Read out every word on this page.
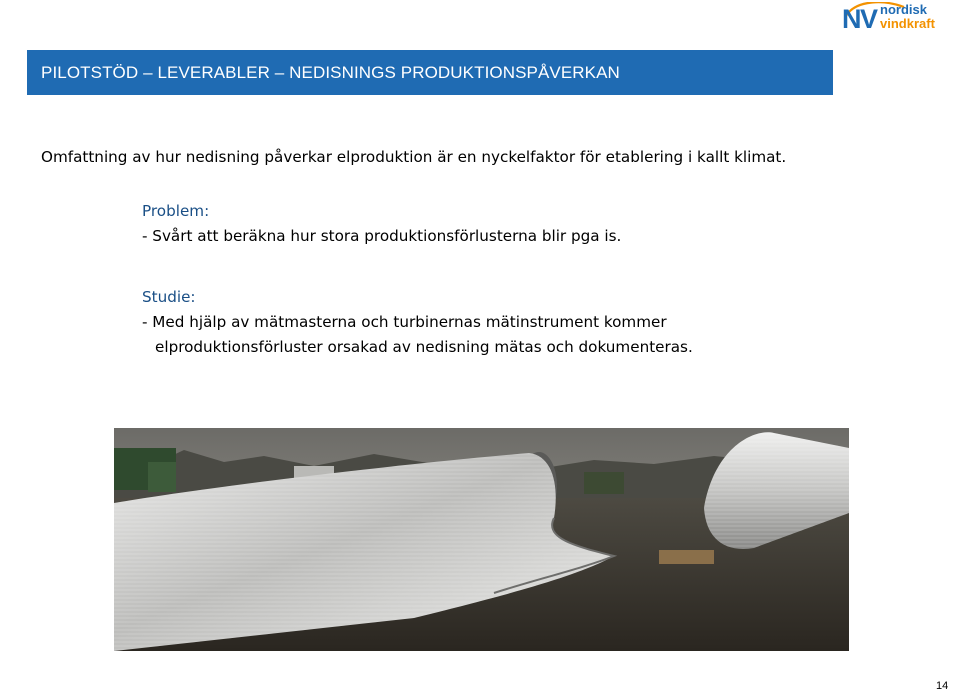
NV nordisk
vindkraft
PILOTSTÖD – LEVERABLER – NEDISNINGS PRODUKTIONSPÅVERKAN
Omfattning av hur nedisning påverkar elproduktion är en nyckelfaktor för etablering i kallt klimat.
Problem:
- Svårt att beräkna hur stora produktionsförlusterna blir pga is.
Studie:
- Med hjälp av mätmasterna och turbinernas mätinstrument kommer
elproduktionsförluster orsakad av nedisning mätas och dokumenteras.
14
